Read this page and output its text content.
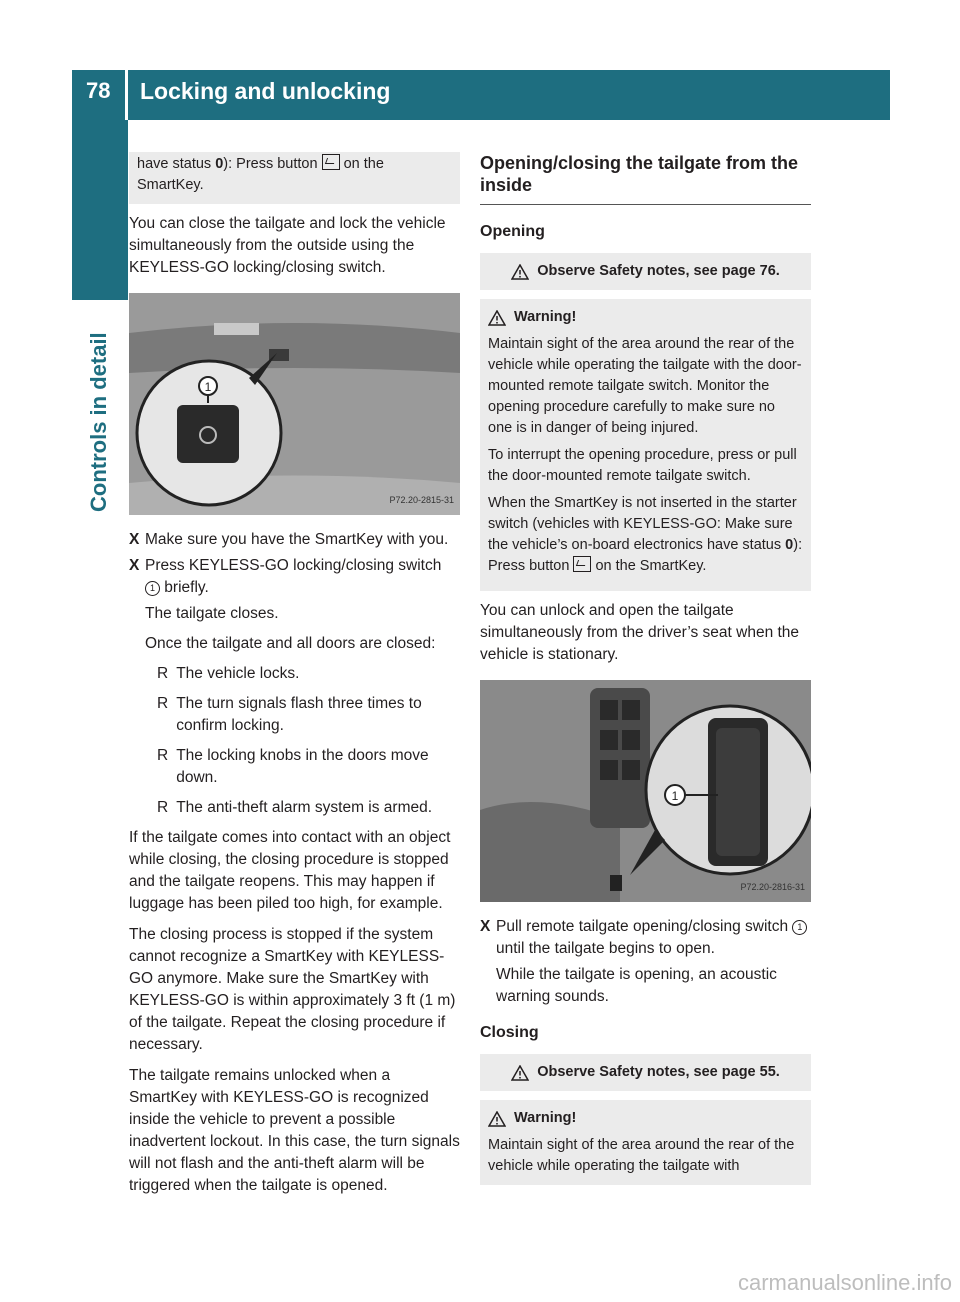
78 Locking and unlocking
Controls in detail
have status 0): Press button  on the SmartKey.

You can close the tailgate and lock the vehicle simultaneously from the outside using the KEYLESS-GO locking/closing switch.

1
P72.20-2815-31
X Make sure you have the SmartKey with you.
X Press KEYLESS-GO locking/closing switch 1 briefly.
The tailgate closes.
Once the tailgate and all doors are closed:
R The vehicle locks.
R The turn signals flash three times to confirm locking.
R The locking knobs in the doors move down.
R The anti-theft alarm system is armed.

If the tailgate comes into contact with an object while closing, the closing procedure is stopped and the tailgate reopens. This may happen if luggage has been piled too high, for example.

The closing process is stopped if the system cannot recognize a SmartKey with KEYLESS-GO anymore. Make sure the SmartKey with KEYLESS-GO is within approximately 3 ft (1 m) of the tailgate. Repeat the closing procedure if necessary.

The tailgate remains unlocked when a SmartKey with KEYLESS-GO is recognized inside the vehicle to prevent a possible inadvertent lockout. In this case, the turn signals will not flash and the anti-theft alarm will be triggered when the tailgate is opened.

Opening/closing the tailgate from the inside
Opening
Observe Safety notes, see page 76.
Warning!

Maintain sight of the area around the rear of the vehicle while operating the tailgate with the door-mounted remote tailgate switch. Monitor the opening procedure carefully to make sure no one is in danger of being injured.

To interrupt the opening procedure, press or pull the door-mounted remote tailgate switch.

When the SmartKey is not inserted in the starter switch (vehicles with KEYLESS-GO: Make sure the vehicle’s on-board electronics have status 0): Press button  on the SmartKey.

You can unlock and open the tailgate simultaneously from the driver’s seat when the vehicle is stationary.

1
P72.20-2816-31
X Pull remote tailgate opening/closing switch 1 until the tailgate begins to open.
While the tailgate is opening, an acoustic warning sounds.
Closing
Observe Safety notes, see page 55.
Warning!

Maintain sight of the area around the rear of the vehicle while operating the tailgate with

carmanualsonline.info
